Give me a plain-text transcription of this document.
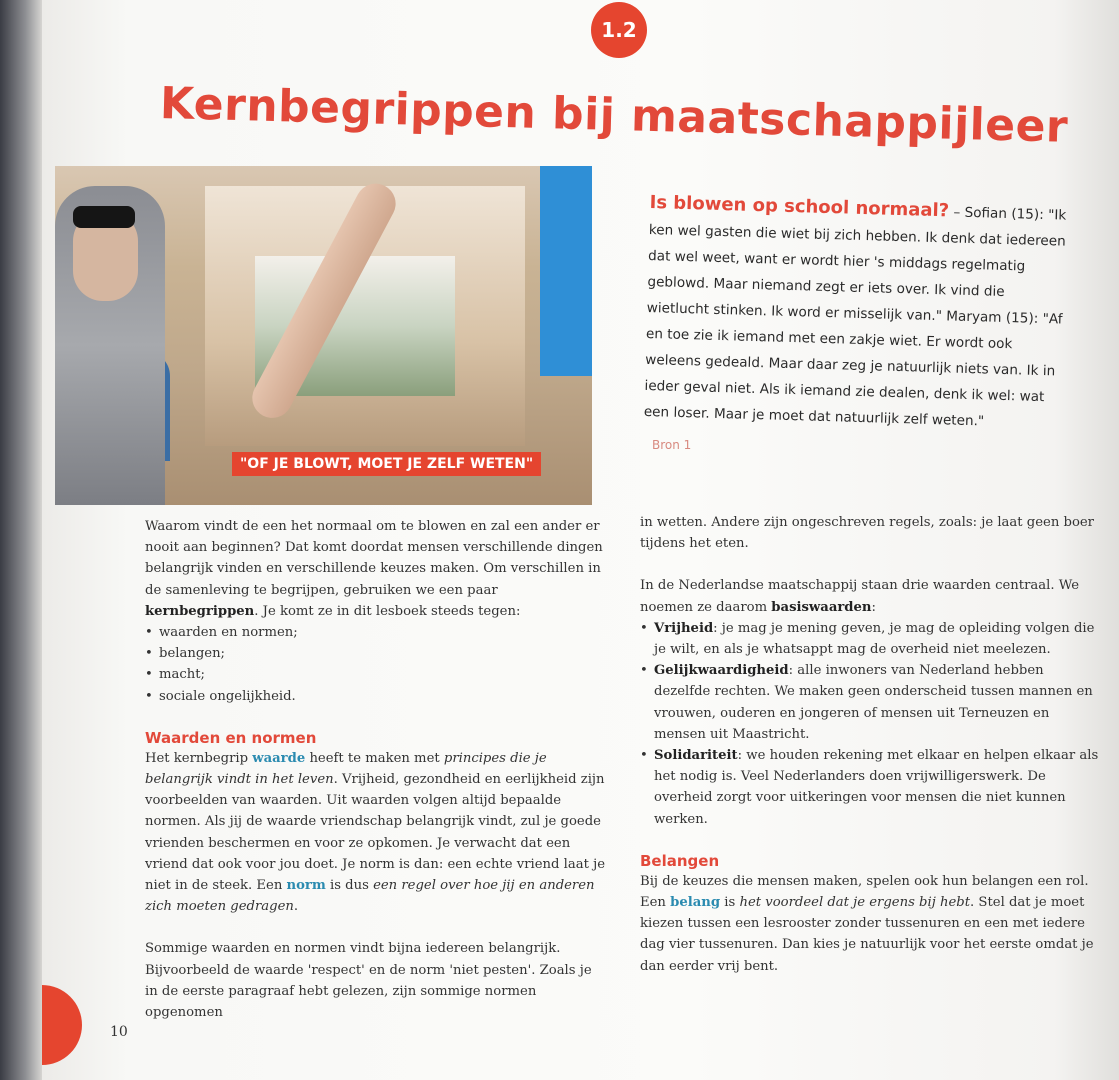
1.2
Kernbegrippen bij maatschappijleer
"OF JE BLOWT, MOET JE ZELF WETEN"
Is blowen op school normaal? – Sofian (15): "Ik ken wel gasten die wiet bij zich hebben. Ik denk dat iedereen dat wel weet, want er wordt hier 's middags regelmatig geblowd. Maar niemand zegt er iets over. Ik vind die wietlucht stinken. Ik word er misselijk van." Maryam (15): "Af en toe zie ik iemand met een zakje wiet. Er wordt ook weleens gedeald. Maar daar zeg je natuurlijk niets van. Ik in ieder geval niet. Als ik iemand zie dealen, denk ik wel: wat een loser. Maar je moet dat natuurlijk zelf weten."
Bron 1

Waarom vindt de een het normaal om te blowen en zal een ander er nooit aan beginnen? Dat komt doordat mensen verschillende dingen belangrijk vinden en verschillende keuzes maken. Om verschillen in de samenleving te begrijpen, gebruiken we een paar kernbegrippen. Je komt ze in dit lesboek steeds tegen:

• waarden en normen;
• belangen;
• macht;
• sociale ongelijkheid.
Waarden en normen

Het kernbegrip waarde heeft te maken met principes die je belangrijk vindt in het leven. Vrijheid, gezondheid en eerlijkheid zijn voorbeelden van waarden. Uit waarden volgen altijd bepaalde normen. Als jij de waarde vriendschap belangrijk vindt, zul je goede vrienden beschermen en voor ze opkomen. Je verwacht dat een vriend dat ook voor jou doet. Je norm is dan: een echte vriend laat je niet in de steek. Een norm is dus een regel over hoe jij en anderen zich moeten gedragen.

Sommige waarden en normen vindt bijna iedereen belangrijk. Bijvoorbeeld de waarde 'respect' en de norm 'niet pesten'. Zoals je in de eerste paragraaf hebt gelezen, zijn sommige normen opgenomen

in wetten. Andere zijn ongeschreven regels, zoals: je laat geen boer tijdens het eten.

In de Nederlandse maatschappij staan drie waarden centraal. We noemen ze daarom basiswaarden:

• Vrijheid: je mag je mening geven, je mag de opleiding volgen die je wilt, en als je whatsappt mag de overheid niet meelezen.
• Gelijkwaardigheid: alle inwoners van Nederland hebben dezelfde rechten. We maken geen onderscheid tussen mannen en vrouwen, ouderen en jongeren of mensen uit Terneuzen en mensen uit Maastricht.
• Solidariteit: we houden rekening met elkaar en helpen elkaar als het nodig is. Veel Nederlanders doen vrijwilligerswerk. De overheid zorgt voor uitkeringen voor mensen die niet kunnen werken.
Belangen

Bij de keuzes die mensen maken, spelen ook hun belangen een rol. Een belang is het voordeel dat je ergens bij hebt. Stel dat je moet kiezen tussen een lesrooster zonder tussenuren en een met iedere dag vier tussenuren. Dan kies je natuurlijk voor het eerste omdat je dan eerder vrij bent.

10
